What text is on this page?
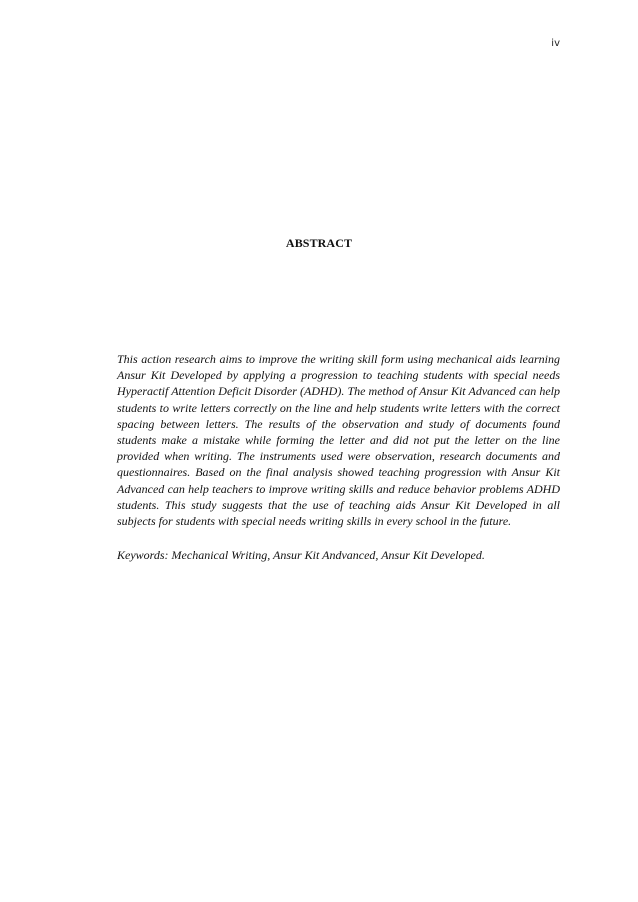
iv
ABSTRACT

This action research aims to improve the writing skill form using mechanical aids learning Ansur Kit Developed by applying a progression to teaching students with special needs Hyperactif Attention Deficit Disorder (ADHD). The method of Ansur Kit Advanced can help students to write letters correctly on the line and help students write letters with the correct spacing between letters. The results of the observation and study of documents found students make a mistake while forming the letter and did not put the letter on the line provided when writing. The instruments used were observation, research documents and questionnaires. Based on the final analysis showed teaching progression with Ansur Kit Advanced can help teachers to improve writing skills and reduce behavior problems ADHD students. This study suggests that the use of teaching aids Ansur Kit Developed in all subjects for students with special needs writing skills in every school in the future.

Keywords: Mechanical Writing, Ansur Kit Andvanced, Ansur Kit Developed.
